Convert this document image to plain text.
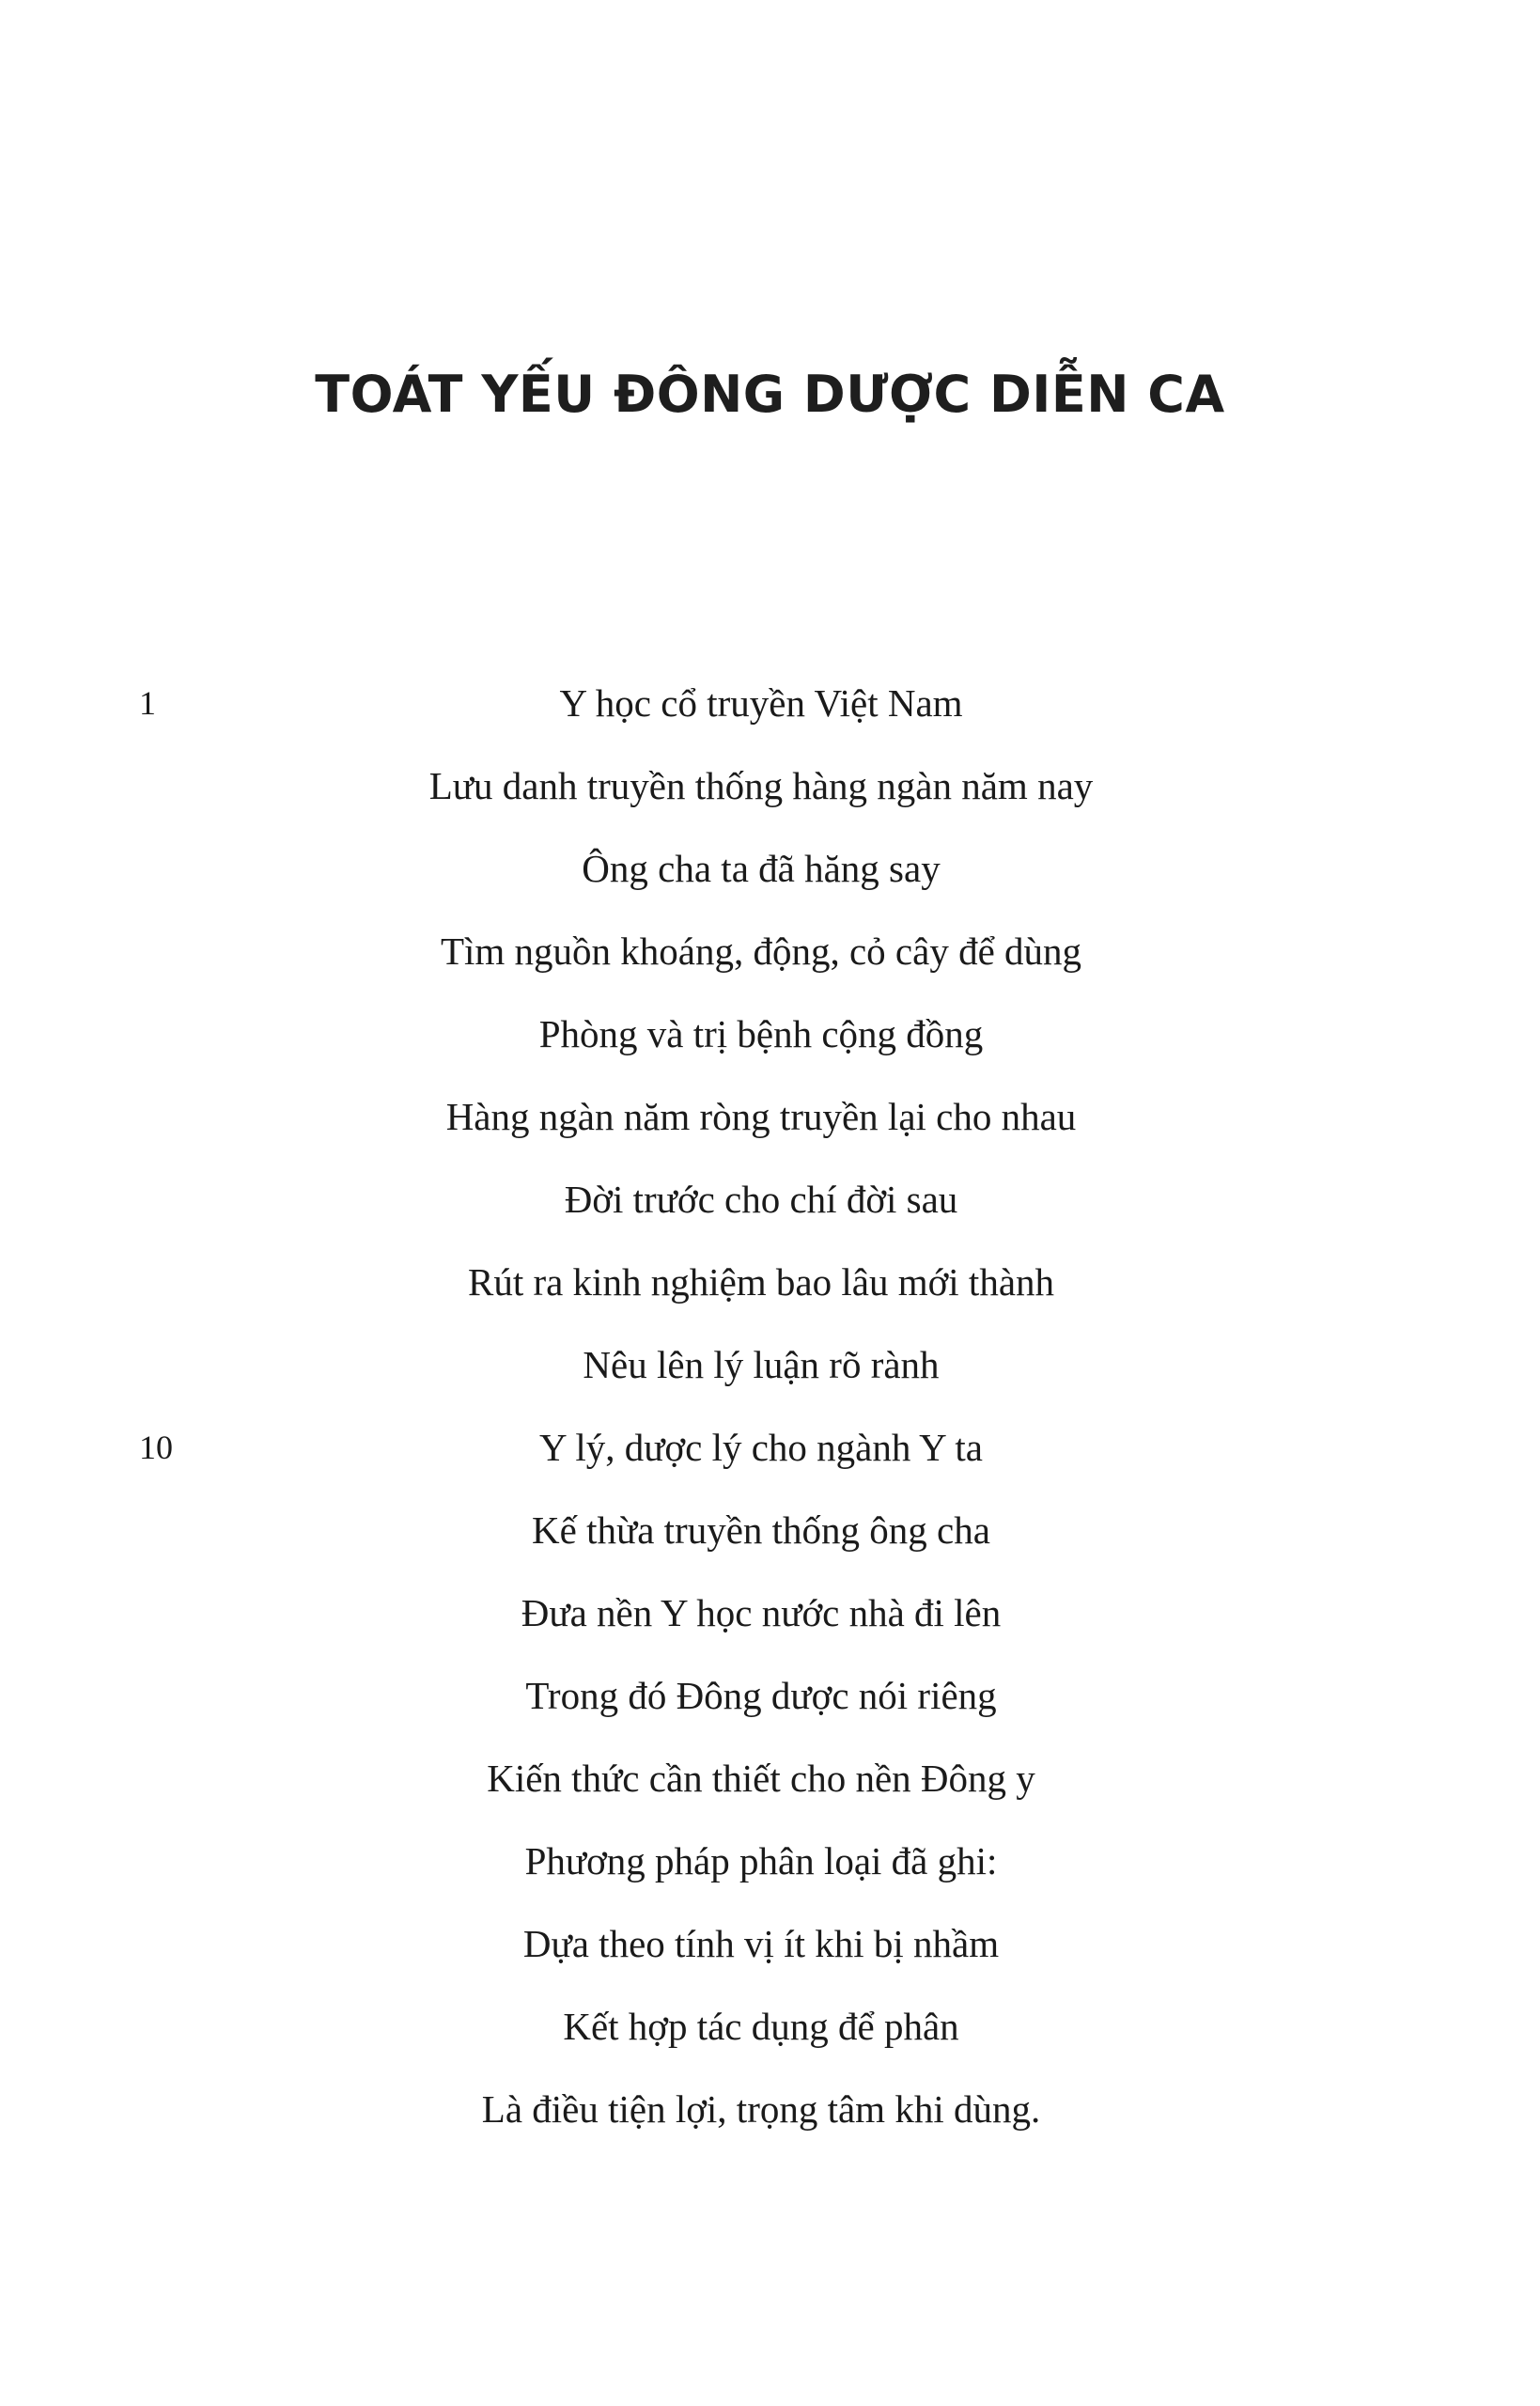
TOÁT YẾU ĐÔNG DƯỢC DIỄN CA
1	Y học cổ truyền Việt Nam
Lưu danh truyền thống hàng ngàn năm nay
Ông cha ta đã hăng say
Tìm nguồn khoáng, động, cỏ cây để dùng
Phòng và trị bệnh cộng đồng
Hàng ngàn năm ròng truyền lại cho nhau
Đời trước cho chí đời sau
Rút ra kinh nghiệm bao lâu mới thành
Nêu lên lý luận rõ rành
10	Y lý, dược lý cho ngành Y ta
Kế thừa truyền thống ông cha
Đưa nền Y học nước nhà đi lên
Trong đó Đông dược nói riêng
Kiến thức cần thiết cho nền Đông y
Phương pháp phân loại đã ghi:
Dựa theo tính vị ít khi bị nhầm
Kết hợp tác dụng để phân
Là điều tiện lợi, trọng tâm khi dùng.
